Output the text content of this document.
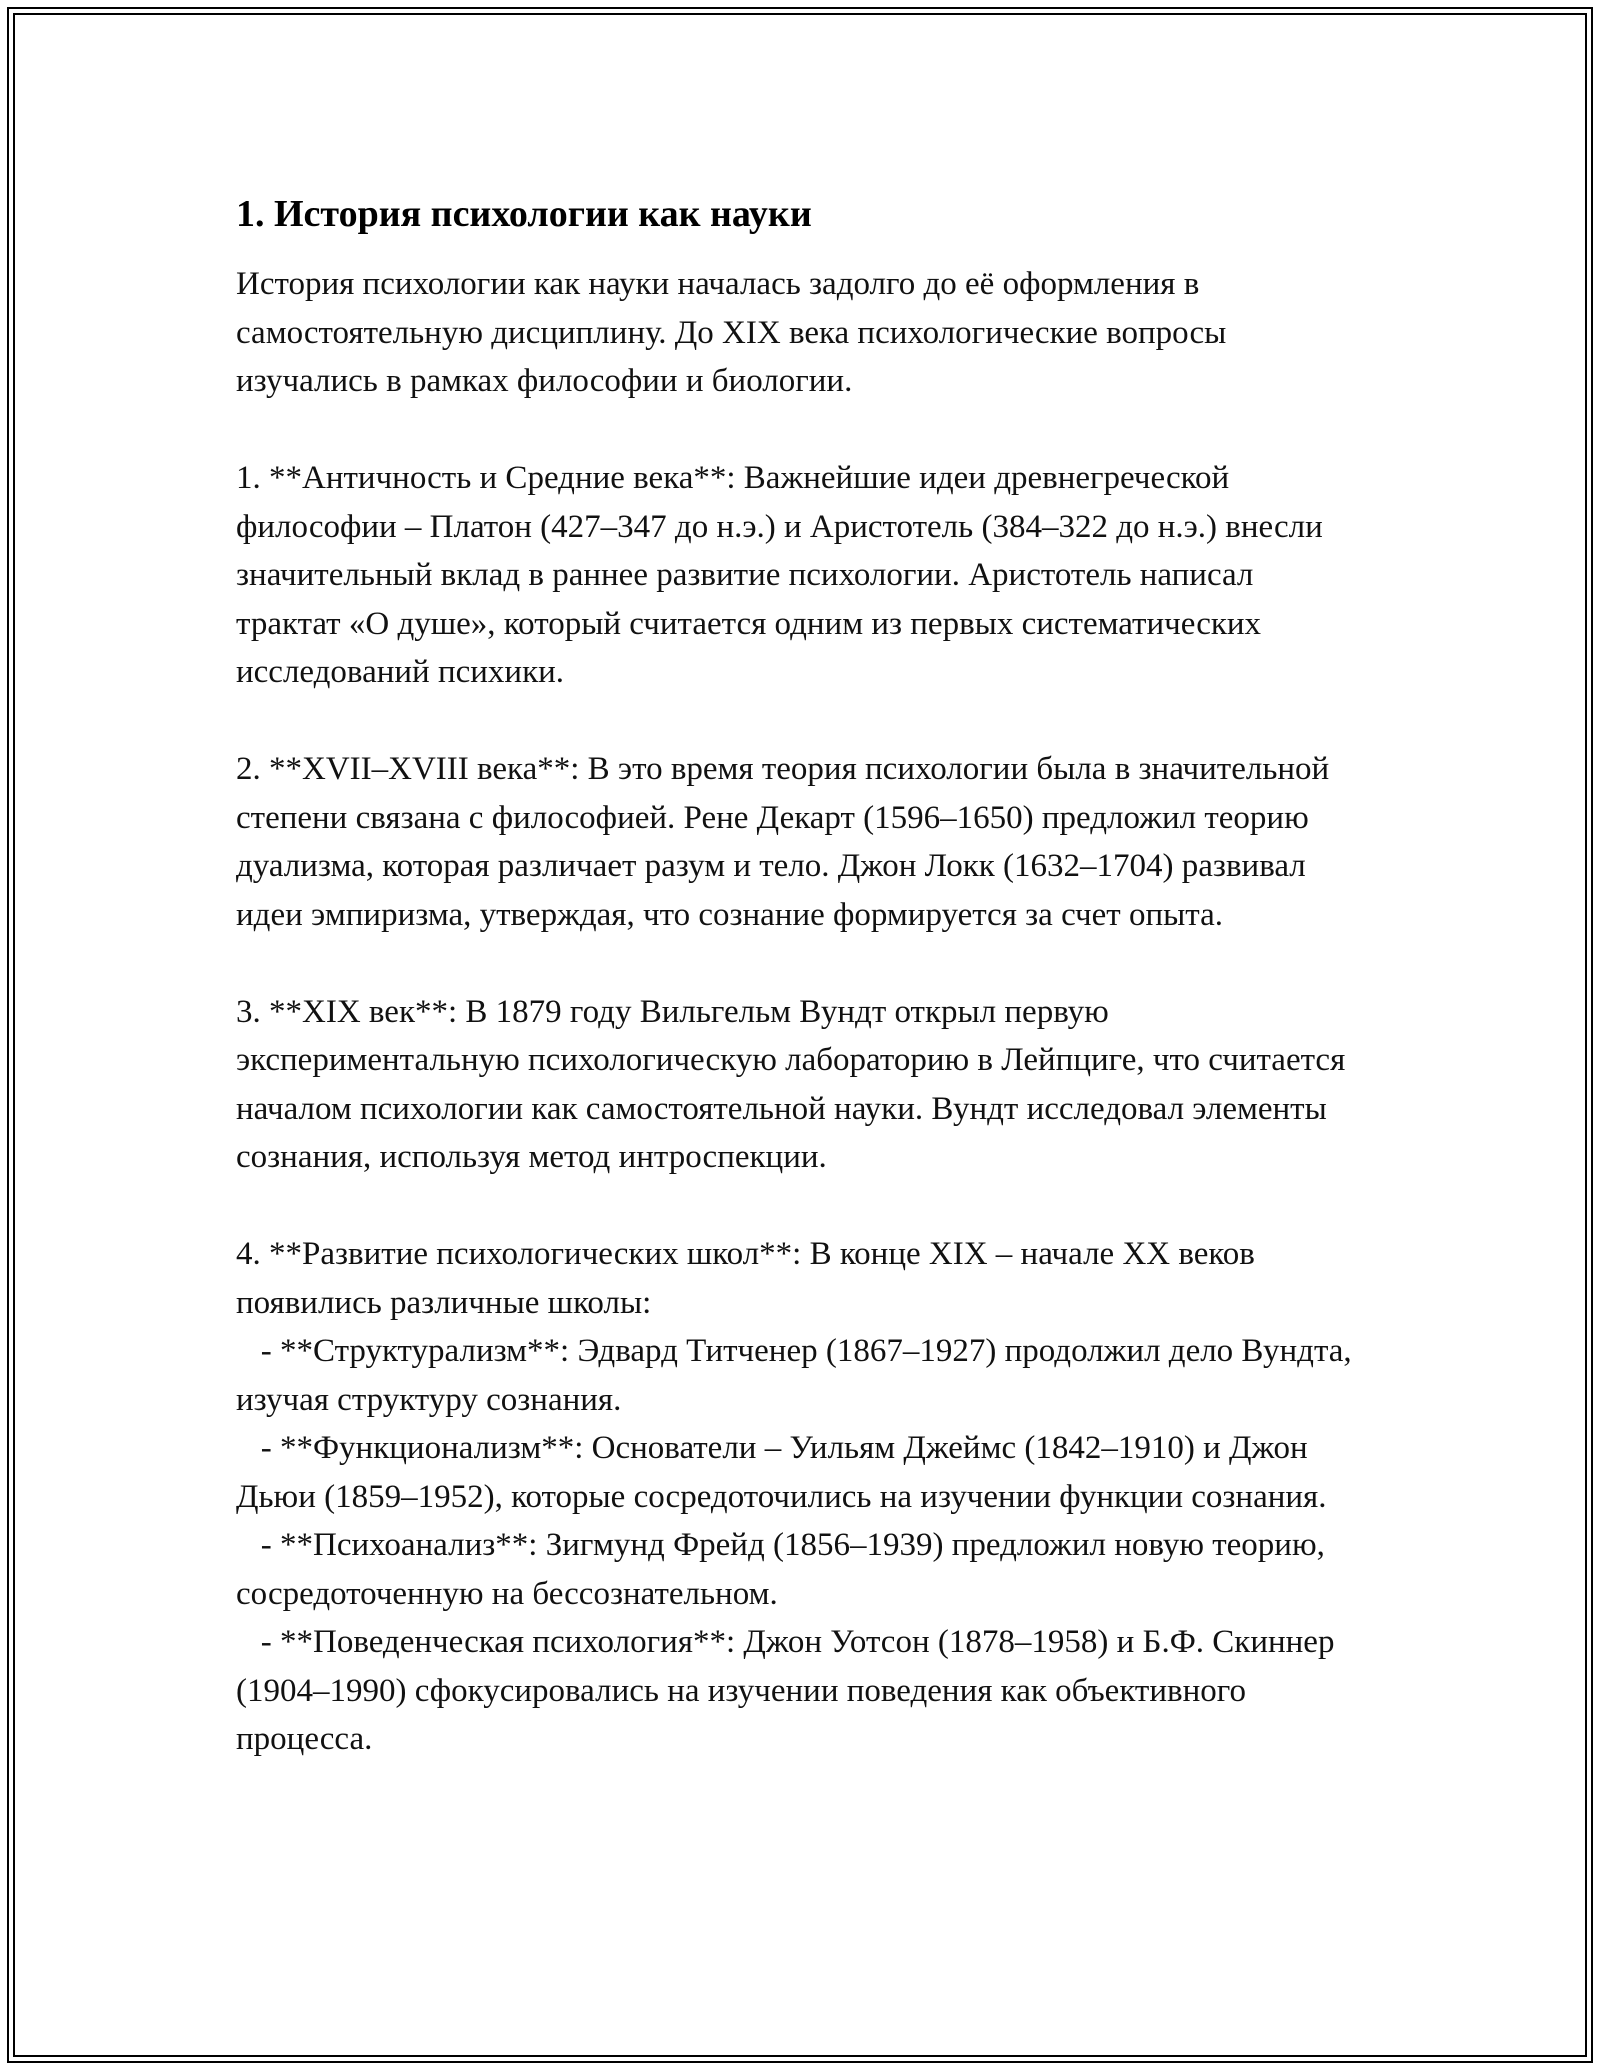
1. История психологии как науки

История психологии как науки началась задолго до её оформления в самостоятельную дисциплину. До XIX века психологические вопросы изучались в рамках философии и биологии.

1. **Античность и Средние века**: Важнейшие идеи древнегреческой философии – Платон (427–347 до н.э.) и Аристотель (384–322 до н.э.) внесли значительный вклад в раннее развитие психологии. Аристотель написал трактат «О душе», который считается одним из первых систематических исследований психики.

2. **XVII–XVIII века**: В это время теория психологии была в значительной степени связана с философией. Рене Декарт (1596–1650) предложил теорию дуализма, которая различает разум и тело. Джон Локк (1632–1704) развивал идеи эмпиризма, утверждая, что сознание формируется за счет опыта.

3. **XIX век**: В 1879 году Вильгельм Вундт открыл первую экспериментальную психологическую лабораторию в Лейпциге, что считается началом психологии как самостоятельной науки. Вундт исследовал элементы сознания, используя метод интроспекции.

4. **Развитие психологических школ**: В конце XIX – начале XX веков появились различные школы:

- **Структурализм**: Эдвард Титченер (1867–1927) продолжил дело Вундта, изучая структуру сознания.

- **Функционализм**: Основатели – Уильям Джеймс (1842–1910) и Джон Дьюи (1859–1952), которые сосредоточились на изучении функции сознания.

- **Психоанализ**: Зигмунд Фрейд (1856–1939) предложил новую теорию, сосредоточенную на бессознательном.

- **Поведенческая психология**: Джон Уотсон (1878–1958) и Б.Ф. Скиннер (1904–1990) сфокусировались на изучении поведения как объективного процесса.
